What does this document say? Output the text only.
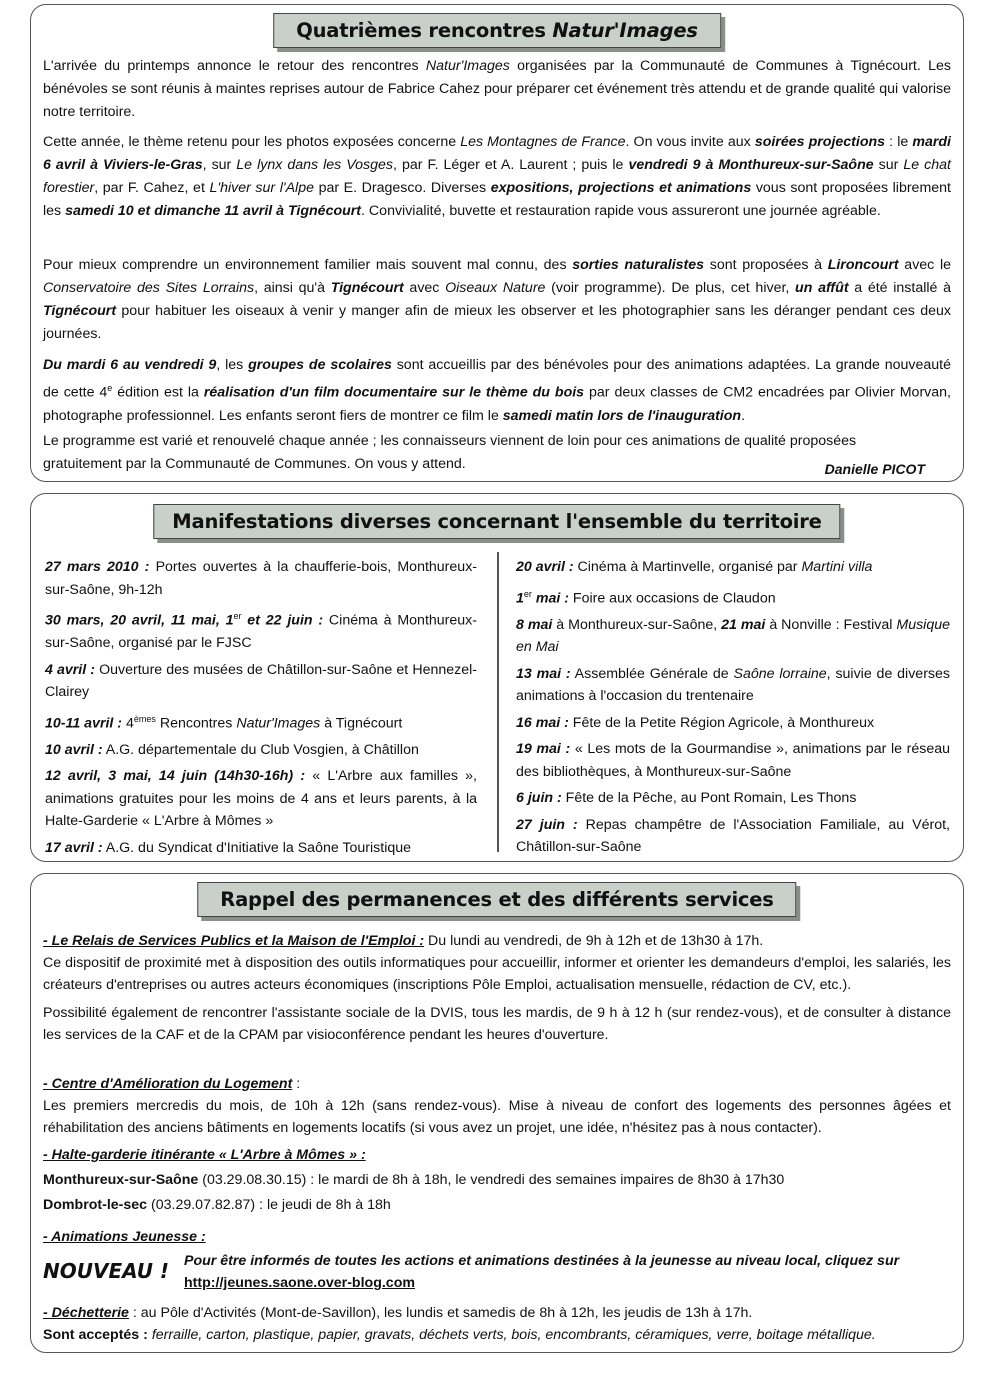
Quatrièmes rencontres Natur'Images
L'arrivée du printemps annonce le retour des rencontres Natur'Images organisées par la Communauté de Communes à Tignécourt. Les bénévoles se sont réunis à maintes reprises autour de Fabrice Cahez pour préparer cet événement très attendu et de grande qualité qui valorise notre territoire.
Cette année, le thème retenu pour les photos exposées concerne Les Montagnes de France. On vous invite aux soirées projections : le mardi 6 avril à Viviers-le-Gras, sur Le lynx dans les Vosges, par F. Léger et A. Laurent ; puis le vendredi 9 à Monthureux-sur-Saône sur Le chat forestier, par F. Cahez, et L'hiver sur l'Alpe par E. Dragesco. Diverses expositions, projections et animations vous sont proposées librement les samedi 10 et dimanche 11 avril à Tignécourt. Convivialité, buvette et restauration rapide vous assureront une journée agréable.
Pour mieux comprendre un environnement familier mais souvent mal connu, des sorties naturalistes sont proposées à Lironcourt avec le Conservatoire des Sites Lorrains, ainsi qu'à Tignécourt avec Oiseaux Nature (voir programme). De plus, cet hiver, un affût a été installé à Tignécourt pour habituer les oiseaux à venir y manger afin de mieux les observer et les photographier sans les déranger pendant ces deux journées.
Du mardi 6 au vendredi 9, les groupes de scolaires sont accueillis par des bénévoles pour des animations adaptées. La grande nouveauté de cette 4e édition est la réalisation d'un film documentaire sur le thème du bois par deux classes de CM2 encadrées par Olivier Morvan, photographe professionnel. Les enfants seront fiers de montrer ce film le samedi matin lors de l'inauguration.
Le programme est varié et renouvelé chaque année ; les connaisseurs viennent de loin pour ces animations de qualité proposées gratuitement par la Communauté de Communes. On vous y attend.	Danielle PICOT
Manifestations diverses concernant l'ensemble du territoire

27 mars 2010 : Portes ouvertes à la chaufferie-bois, Monthureux-sur-Saône, 9h-12h

30 mars, 20 avril, 11 mai, 1er et 22 juin : Cinéma à Monthureux-sur-Saône, organisé par le FJSC

4 avril : Ouverture des musées de Châtillon-sur-Saône et Hennezel-Clairey

10-11 avril : 4èmes Rencontres Natur'Images à Tignécourt

10 avril : A.G. départementale du Club Vosgien, à Châtillon

12 avril, 3 mai, 14 juin (14h30-16h) : « L'Arbre aux familles », animations gratuites pour les moins de 4 ans et leurs parents, à la Halte-Garderie « L'Arbre à Mômes »

17 avril : A.G. du Syndicat d'Initiative la Saône Touristique

20 avril : Cinéma à Martinvelle, organisé par Martini villa

1er mai : Foire aux occasions de Claudon

8 mai à Monthureux-sur-Saône, 21 mai à Nonville : Festival Musique en Mai

13 mai : Assemblée Générale de Saône lorraine, suivie de diverses animations à l'occasion du trentenaire

16 mai : Fête de la Petite Région Agricole, à Monthureux

19 mai : « Les mots de la Gourmandise », animations par le réseau des bibliothèques, à Monthureux-sur-Saône

6 juin : Fête de la Pêche, au Pont Romain, Les Thons

27 juin : Repas champêtre de l'Association Familiale, au Vérot, Châtillon-sur-Saône

Rappel des permanences et des différents services

- Le Relais de Services Publics et la Maison de l'Emploi : Du lundi au vendredi, de 9h à 12h et de 13h30 à 17h.

Ce dispositif de proximité met à disposition des outils informatiques pour accueillir, informer et orienter les demandeurs d'emploi, les salariés, les créateurs d'entreprises ou autres acteurs économiques (inscriptions Pôle Emploi, actualisation mensuelle, rédaction de CV, etc.).

Possibilité également de rencontrer l'assistante sociale de la DVIS, tous les mardis, de 9 h à 12 h (sur rendez-vous), et de consulter à distance les services de la CAF et de la CPAM par visioconférence pendant les heures d'ouverture.

- Centre d'Amélioration du Logement :

Les premiers mercredis du mois, de 10h à 12h (sans rendez-vous). Mise à niveau de confort des logements des personnes âgées et réhabilitation des anciens bâtiments en logements locatifs (si vous avez un projet, une idée, n'hésitez pas à nous contacter).

- Halte-garderie itinérante « L'Arbre à Mômes » :

Monthureux-sur-Saône (03.29.08.30.15) : le mardi de 8h à 18h, le vendredi des semaines impaires de 8h30 à 17h30

Dombrot-le-sec (03.29.07.82.87) : le jeudi de 8h à 18h

- Animations Jeunesse :

NOUVEAU !	Pour être informés de toutes les actions et animations destinées à la jeunesse au niveau local, cliquez sur
http://jeunes.saone.over-blog.com

- Déchetterie : au Pôle d'Activités (Mont-de-Savillon), les lundis et samedis de 8h à 12h, les jeudis de 13h à 17h.

Sont acceptés : ferraille, carton, plastique, papier, gravats, déchets verts, bois, encombrants, céramiques, verre, boitage métallique.
